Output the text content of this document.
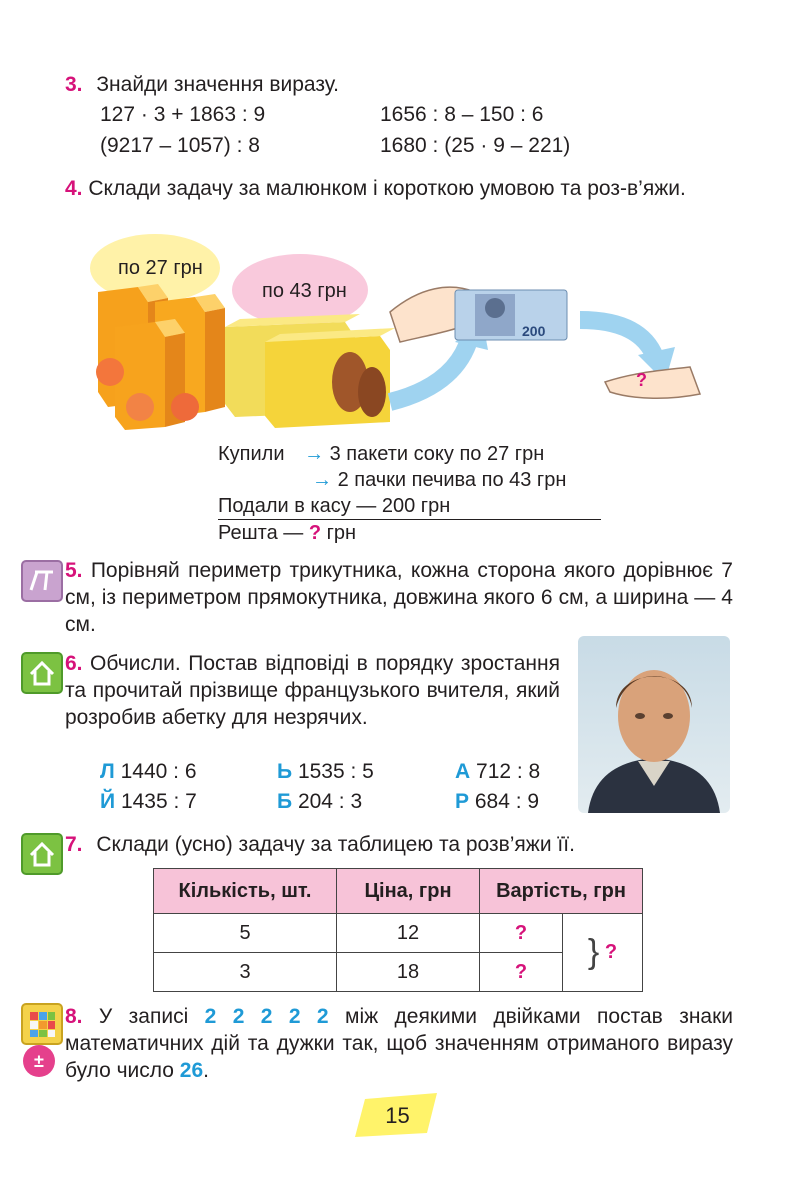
3. Знайди значення виразу.
127 · 3 + 1863 : 9	1656 : 8 – 150 : 6
(9217 – 1057) : 8	1680 : (25 · 9 – 221)
4. Склади задачу за малюнком і короткою умовою та роз-в’яжи.
200
?
по 27 грн
по 43 грн
Купили → 3 пакети соку по 27 грн
→ 2 пачки печива по 43 грн
Подали в касу — 200 грн
Решта — ? грн
5. Порівняй периметр трикутника, кожна сторона якого дорівнює 7 см, із периметром прямокутника, довжина якого 6 см, а ширина — 4 см.
6. Обчисли. Постав відповіді в порядку зростання та прочитай прізвище французького вчителя, який розробив абетку для незрячих.
Л 1440 : 6	Ь 1535 : 5	А 712 : 8
Й 1435 : 7	Б 204 : 3	Р 684 : 9
7. Склади (усно) задачу за таблицею та розв’яжи її.
Кількість, шт.	Ціна, грн	Вартість, грн	
5	12	?	} ?
3	18	?	
±
8. У записі 2 2 2 2 2 між деякими двійками постав знаки математичних дій та дужки так, щоб значенням отриманого виразу було число 26.
15
